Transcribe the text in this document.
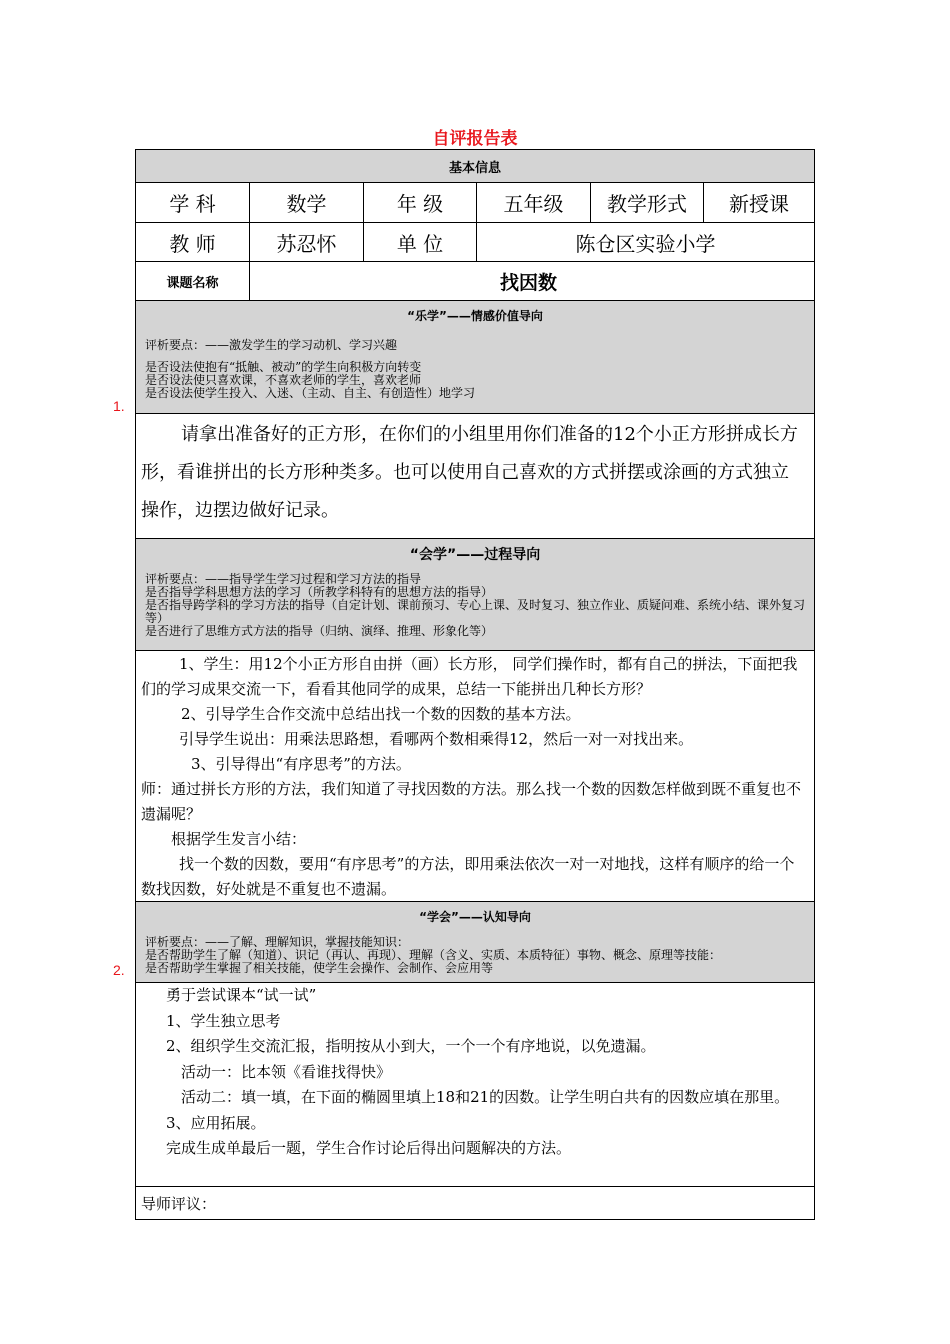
自评报告表
1.
2.
基本信息
学 科	数学	年 级	五年级	教学形式	新授课
教 师	苏忍怀	单 位	陈仓区实验小学
课题名称	找因数
“乐学”——情感价值导向
评析要点：——激发学生的学习动机、学习兴趣
是否设法使抱有“抵触、被动”的学生向积极方向转变
是否设法使只喜欢课，不喜欢老师的学生，喜欢老师
是否设法使学生投入、入迷、（主动、自主、有创造性）地学习

请拿出准备好的正方形，在你们的小组里用你们准备的12个小正方形拼成长方形，看谁拼出的长方形种类多。也可以使用自己喜欢的方式拼摆或涂画的方式独立操作，边摆边做好记录。

“会学”——过程导向
评析要点：——指导学生学习过程和学习方法的指导
是否指导学科思想方法的学习（所教学科特有的思想方法的指导）
是否指导跨学科的学习方法的指导（自定计划、课前预习、专心上课、及时复习、独立作业、质疑问难、系统小结、课外复习等）
是否进行了思维方式方法的指导（归纳、演绎、推理、形象化等）

1、学生：用12个小正方形自由拼（画）长方形， 同学们操作时，都有自己的拼法，下面把我们的学习成果交流一下，看看其他同学的成果，总结一下能拼出几种长方形？

2、引导学生合作交流中总结出找一个数的因数的基本方法。

引导学生说出：用乘法思路想，看哪两个数相乘得12，然后一对一对找出来。

3、引导得出“有序思考”的方法。

师：通过拼长方形的方法，我们知道了寻找因数的方法。那么找一个数的因数怎样做到既不重复也不遗漏呢？

根据学生发言小结：

找一个数的因数，要用“有序思考”的方法，即用乘法依次一对一对地找，这样有顺序的给一个数找因数，好处就是不重复也不遗漏。

“学会”——认知导向
评析要点：——了解、理解知识，掌握技能知识：
是否帮助学生了解（知道）、识记（再认、再现）、理解（含义、实质、本质特征）事物、概念、原理等技能：
是否帮助学生掌握了相关技能，使学生会操作、会制作、会应用等

勇于尝试课本“试一试”

1、学生独立思考

2、组织学生交流汇报，指明按从小到大，一个一个有序地说，以免遗漏。

活动一：比本领《看谁找得快》

活动二：填一填，在下面的椭圆里填上18和21的因数。让学生明白共有的因数应填在那里。

3、应用拓展。

完成生成单最后一题，学生合作讨论后得出问题解决的方法。

导师评议：
